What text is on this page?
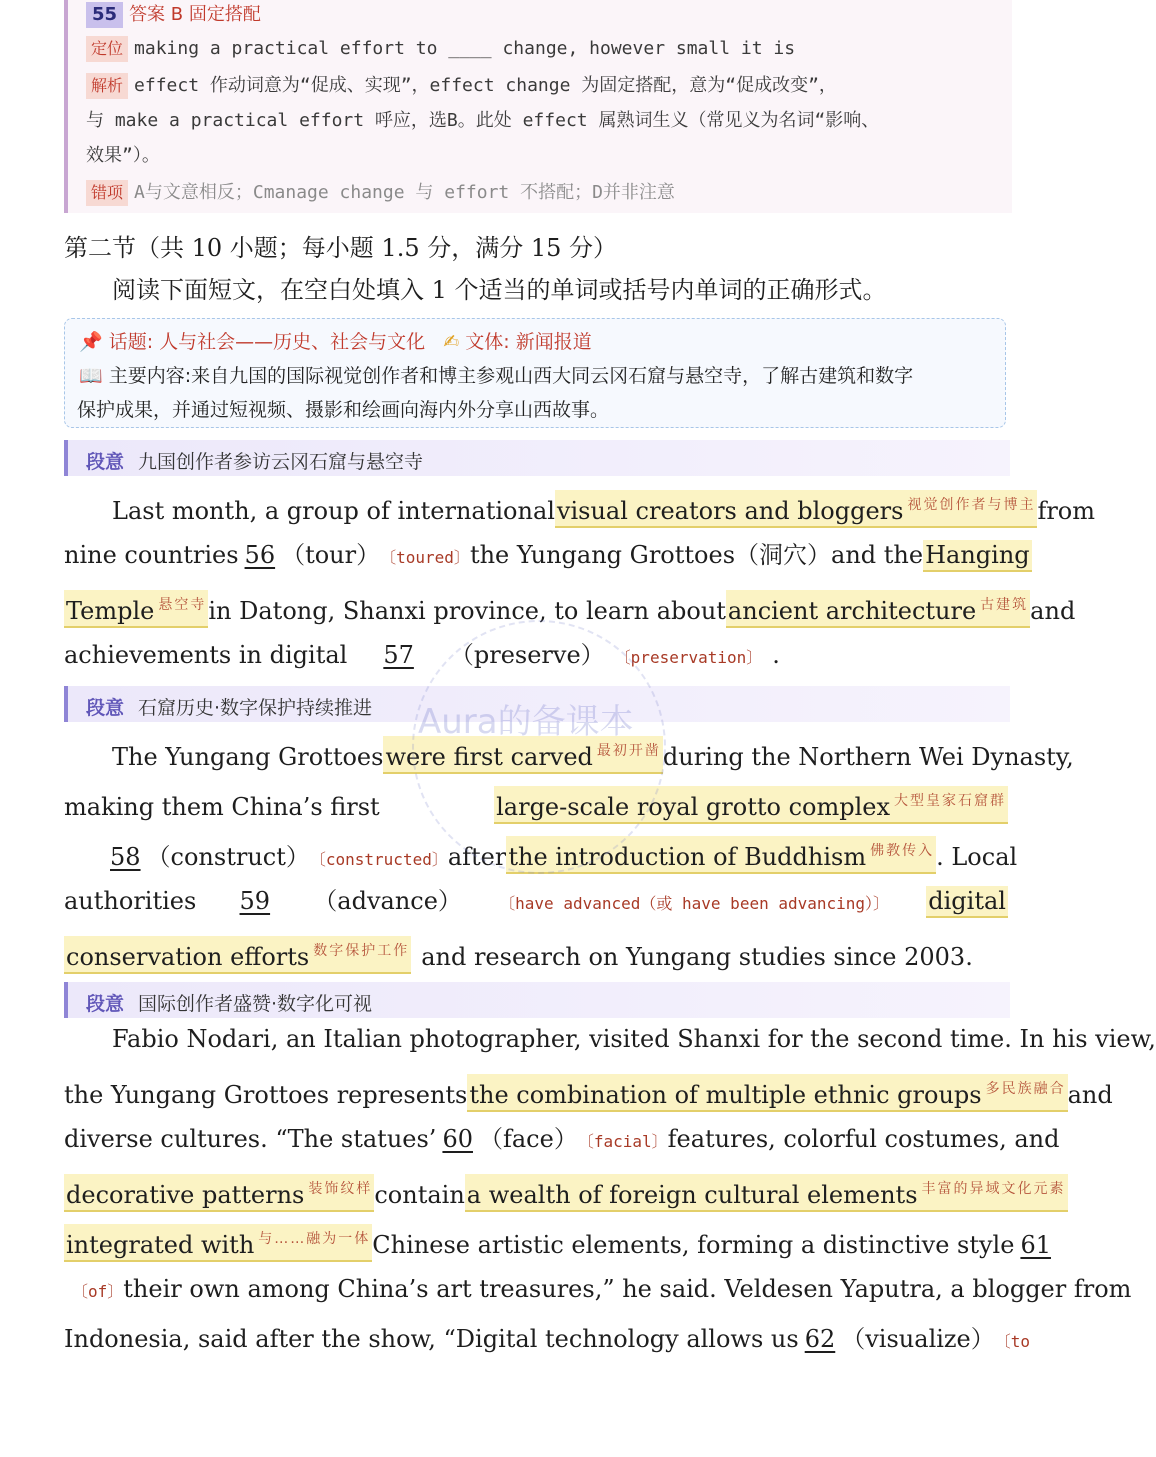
55 答案 B 固定搭配
定位 making a practical effort to ____ change, however small it is
解析 effect 作动词意为“促成、实现”，effect change 为固定搭配，意为“促成改变”，
与 make a practical effort 呼应，选B。此处 effect 属熟词生义（常见义为名词“影响、
效果”）。
错项 A与文意相反；Cmanage change 与 effort 不搭配；D并非注意
第二节（共 10 小题；每小题 1.5 分，满分 15 分）
阅读下面短文，在空白处填入 1 个适当的单词或括号内单词的正确形式。
📌 话题: 人与社会——历史、社会与文化 ✍ 文体: 新闻报道
📖 主要内容:来自九国的国际视觉创作者和博主参观山西大同云冈石窟与悬空寺，了解古建筑和数字
保护成果，并通过短视频、摄影和绘画向海内外分享山西故事。
段意 九国创作者参访云冈石窟与悬空寺
Last month, a group of international visual creators and bloggers $^{视觉创作者与博主}$ from
nine countries 56 （tour） 〔toured〕 the Yungang Grottoes（洞穴）and the Hanging
Temple $^{悬空寺}$ in Datong, Shanxi province, to learn about ancient architecture $^{古建筑}$ and
achievements in digital 57 （preserve） 〔preservation〕 .
段意 石窟历史·数字保护持续推进
The Yungang Grottoes were first carved $^{最初开凿}$ during the Northern Wei Dynasty,
making them China’s first	large-scale royal grotto complex $^{大型皇家石窟群}$
58 （construct） 〔constructed〕 after the introduction of Buddhism $^{佛教传入}$ . Local
authorities 59 （advance） 〔have advanced（或 have been advancing）〕 digital
conservation efforts $^{数字保护工作}$ and research on Yungang studies since 2003.
段意 国际创作者盛赞·数字化可视
Fabio Nodari, an Italian photographer, visited Shanxi for the second time. In his view,
the Yungang Grottoes represents the combination of multiple ethnic groups $^{多民族融合}$ and
diverse cultures. “The statues’ 60 （face） 〔facial〕 features, colorful costumes, and
decorative patterns $^{装饰纹样}$ contain a wealth of foreign cultural elements $^{丰富的异域文化元素}$
integrated with $^{与\dots\dots 融为一体}$ Chinese artistic elements, forming a distinctive style 61
〔of〕 their own among China’s art treasures,” he said. Veldesen Yaputra, a blogger from
Indonesia, said after the show, “Digital technology allows us 62 （visualize） 〔to
Aura的备课本
